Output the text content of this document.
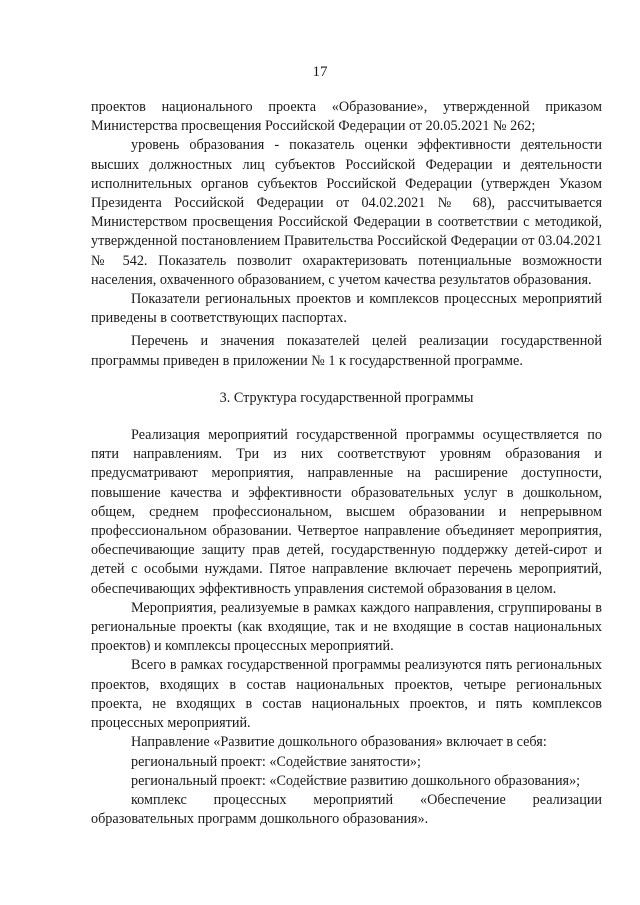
17

проектов национального проекта «Образование», утвержденной приказом Министерства просвещения Российской Федерации от 20.05.2021 № 262;

уровень образования - показатель оценки эффективности деятельности высших должностных лиц субъектов Российской Федерации и деятельности исполнительных органов субъектов Российской Федерации (утвержден Указом Президента Российской Федерации от 04.02.2021 № 68), рассчитывается Министерством просвещения Российской Федерации в соответствии с методикой, утвержденной постановлением Правительства Российской Федерации от 03.04.2021 № 542. Показатель позволит охарактеризовать потенциальные возможности населения, охваченного образованием, с учетом качества результатов образования.

Показатели региональных проектов и комплексов процессных мероприятий приведены в соответствующих паспортах.

Перечень и значения показателей целей реализации государственной программы приведен в приложении № 1 к государственной программе.

3. Структура государственной программы

Реализация мероприятий государственной программы осуществляется по пяти направлениям. Три из них соответствуют уровням образования и предусматривают мероприятия, направленные на расширение доступности, повышение качества и эффективности образовательных услуг в дошкольном, общем, среднем профессиональном, высшем образовании и непрерывном профессиональном образовании. Четвертое направление объединяет мероприятия, обеспечивающие защиту прав детей, государственную поддержку детей-сирот и детей с особыми нуждами. Пятое направление включает перечень мероприятий, обеспечивающих эффективность управления системой образования в целом.

Мероприятия, реализуемые в рамках каждого направления, сгруппированы в региональные проекты (как входящие, так и не входящие в состав национальных проектов) и комплексы процессных мероприятий.

Всего в рамках государственной программы реализуются пять региональных проектов, входящих в состав национальных проектов, четыре региональных проекта, не входящих в состав национальных проектов, и пять комплексов процессных мероприятий.

Направление «Развитие дошкольного образования» включает в себя:

региональный проект: «Содействие занятости»;

региональный проект: «Содействие развитию дошкольного образования»;

комплекс процессных мероприятий «Обеспечение реализации образовательных программ дошкольного образования».
